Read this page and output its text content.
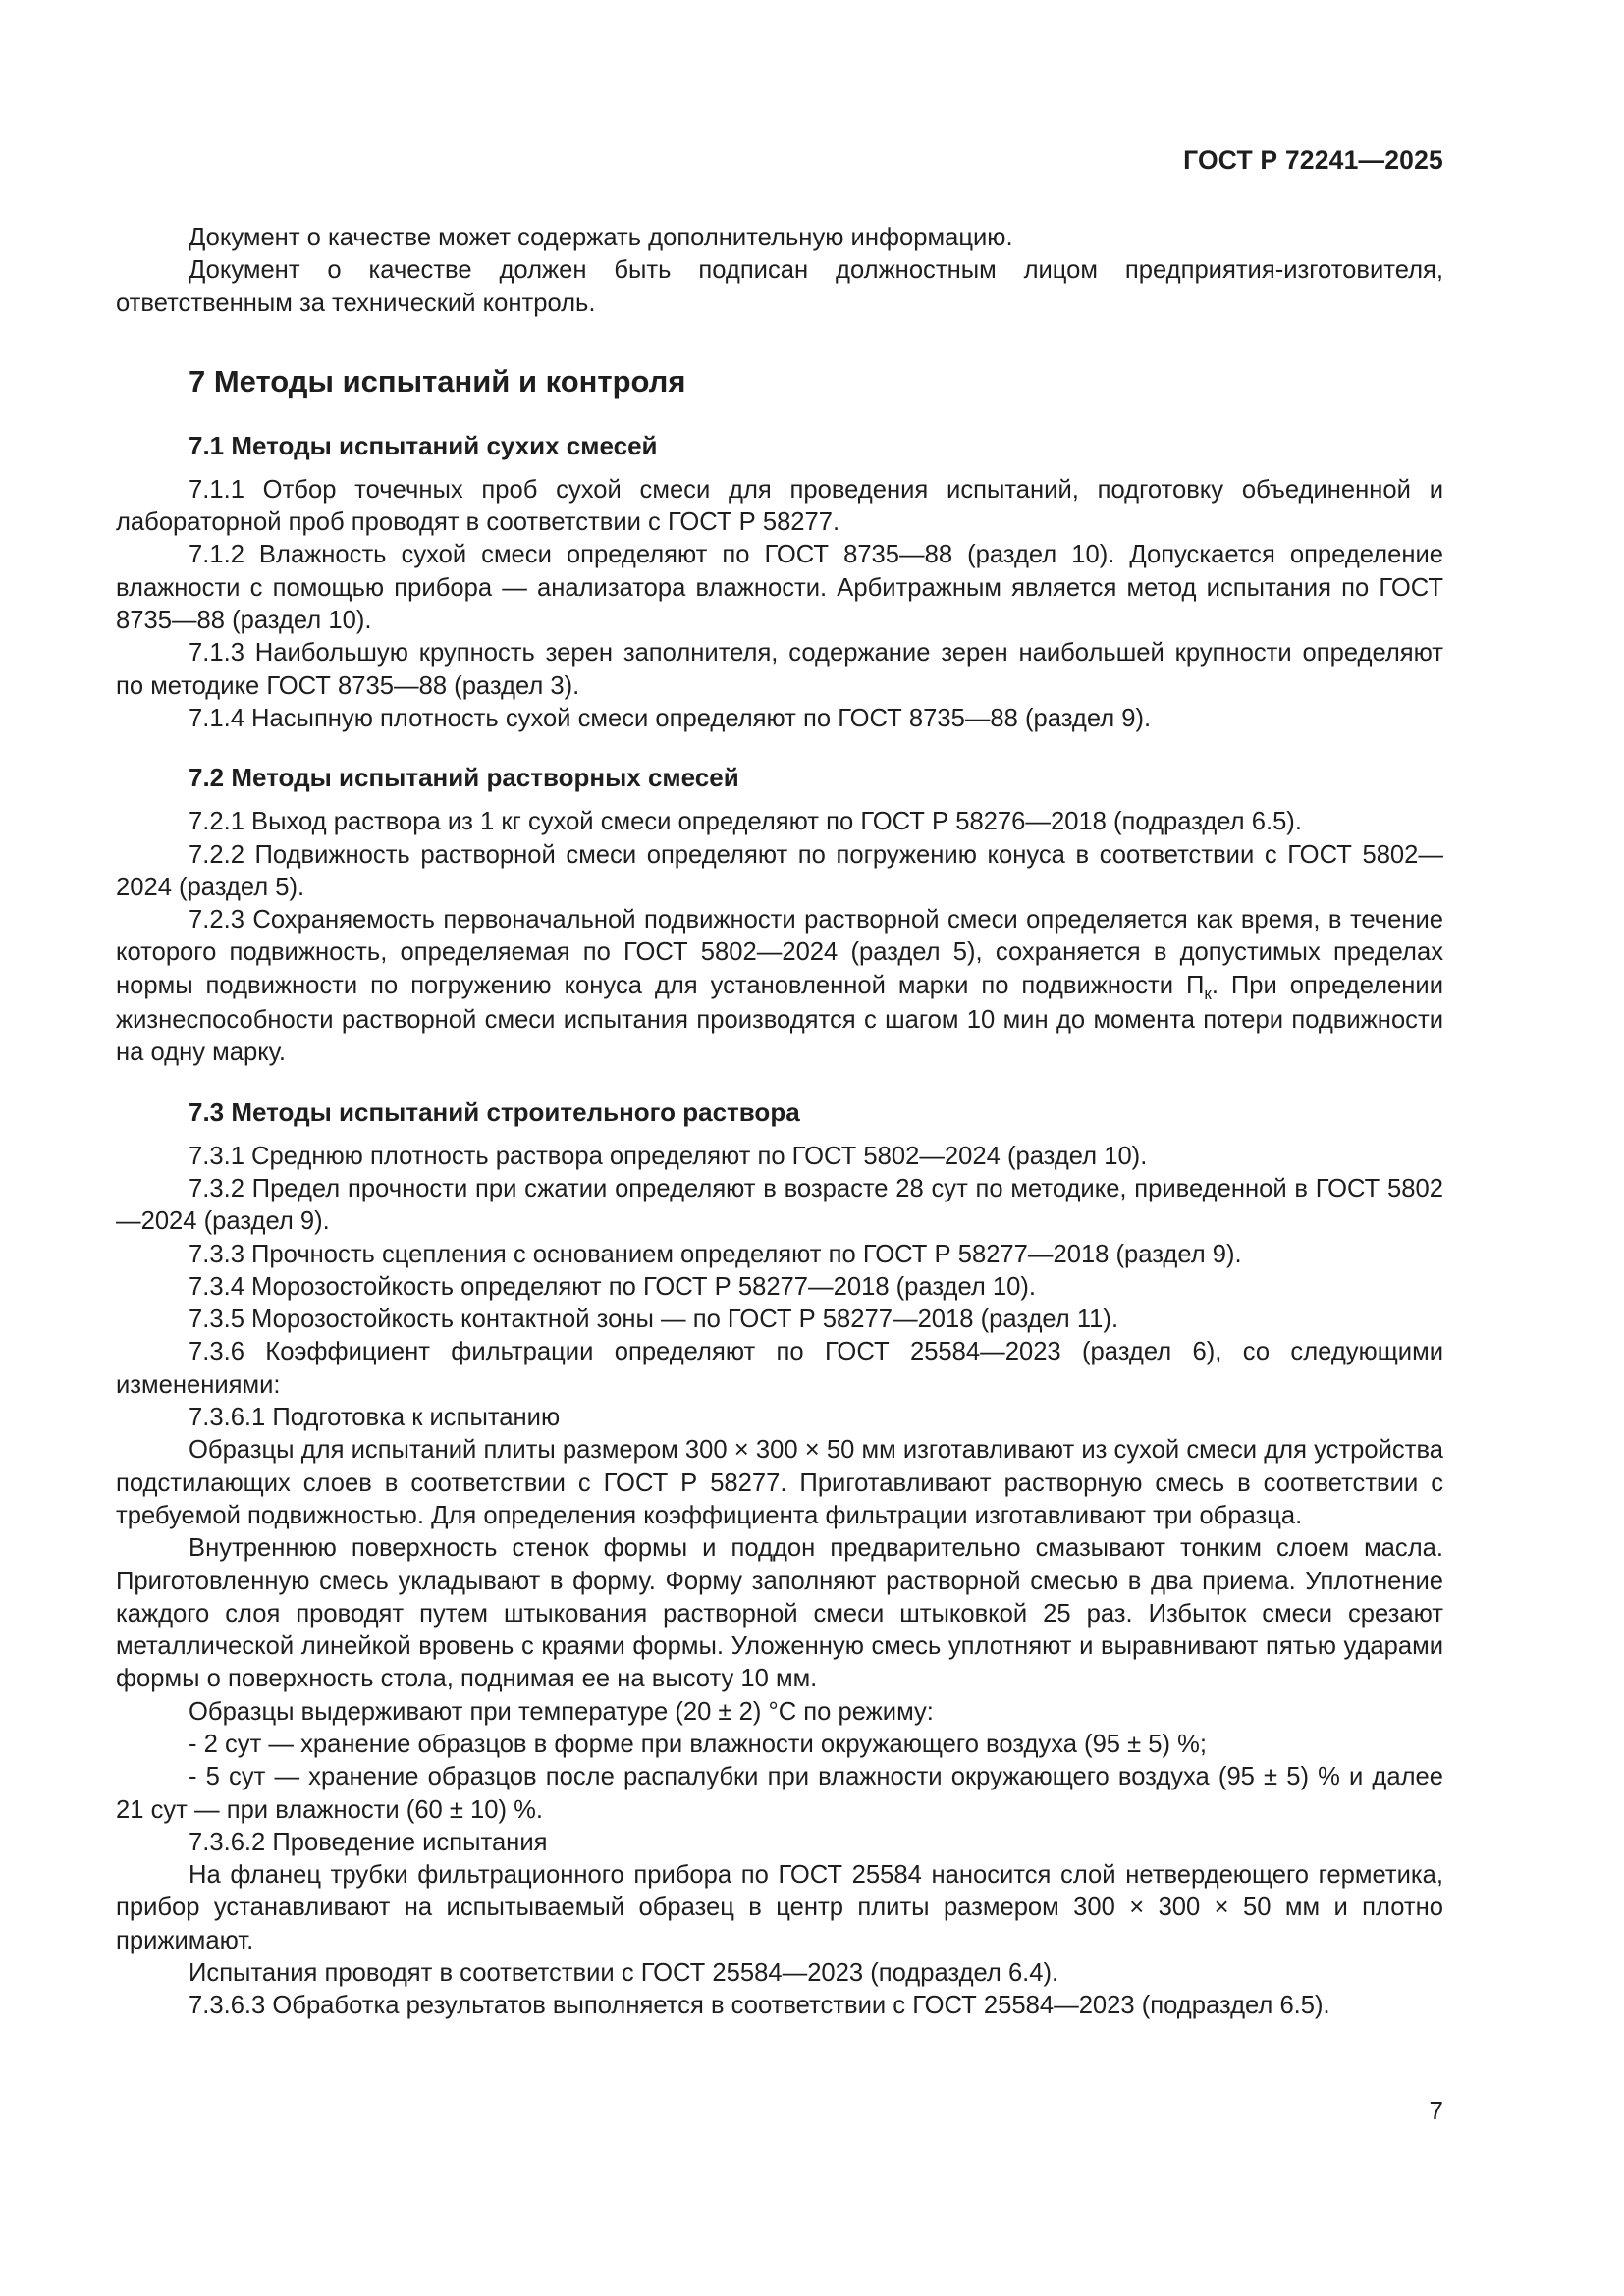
ГОСТ Р 72241—2025

Документ о качестве может содержать дополнительную информацию.

Документ о качестве должен быть подписан должностным лицом предприятия-изготовителя, ответственным за технический контроль.

7 Методы испытаний и контроля
7.1 Методы испытаний сухих смесей

7.1.1 Отбор точечных проб сухой смеси для проведения испытаний, подготовку объединенной и лабораторной проб проводят в соответствии с ГОСТ Р 58277.

7.1.2 Влажность сухой смеси определяют по ГОСТ 8735—88 (раздел 10). Допускается определение влажности с помощью прибора — анализатора влажности. Арбитражным является метод испытания по ГОСТ 8735—88 (раздел 10).

7.1.3 Наибольшую крупность зерен заполнителя, содержание зерен наибольшей крупности определяют по методике ГОСТ 8735—88 (раздел 3).

7.1.4 Насыпную плотность сухой смеси определяют по ГОСТ 8735—88 (раздел 9).

7.2 Методы испытаний растворных смесей

7.2.1 Выход раствора из 1 кг сухой смеси определяют по ГОСТ Р 58276—2018 (подраздел 6.5).

7.2.2 Подвижность растворной смеси определяют по погружению конуса в соответствии с ГОСТ 5802—2024 (раздел 5).

7.2.3 Сохраняемость первоначальной подвижности растворной смеси определяется как время, в течение которого подвижность, определяемая по ГОСТ 5802—2024 (раздел 5), сохраняется в допустимых пределах нормы подвижности по погружению конуса для установленной марки по подвижности $П_к$. При определении жизнеспособности растворной смеси испытания производятся с шагом 10 мин до момента потери подвижности на одну марку.

7.3 Методы испытаний строительного раствора

7.3.1 Среднюю плотность раствора определяют по ГОСТ 5802—2024 (раздел 10).

7.3.2 Предел прочности при сжатии определяют в возрасте 28 сут по методике, приведенной в ГОСТ 5802—2024 (раздел 9).

7.3.3 Прочность сцепления с основанием определяют по ГОСТ Р 58277—2018 (раздел 9).

7.3.4 Морозостойкость определяют по ГОСТ Р 58277—2018 (раздел 10).

7.3.5 Морозостойкость контактной зоны — по ГОСТ Р 58277—2018 (раздел 11).

7.3.6 Коэффициент фильтрации определяют по ГОСТ 25584—2023 (раздел 6), со следующими изменениями:

7.3.6.1 Подготовка к испытанию

Образцы для испытаний плиты размером 300 × 300 × 50 мм изготавливают из сухой смеси для устройства подстилающих слоев в соответствии с ГОСТ Р 58277. Приготавливают растворную смесь в соответствии с требуемой подвижностью. Для определения коэффициента фильтрации изготавливают три образца.

Внутреннюю поверхность стенок формы и поддон предварительно смазывают тонким слоем масла. Приготовленную смесь укладывают в форму. Форму заполняют растворной смесью в два приема. Уплотнение каждого слоя проводят путем штыкования растворной смеси штыковкой 25 раз. Избыток смеси срезают металлической линейкой вровень с краями формы. Уложенную смесь уплотняют и выравнивают пятью ударами формы о поверхность стола, поднимая ее на высоту 10 мм.

Образцы выдерживают при температуре (20 ± 2) °С по режиму:

- 2 сут — хранение образцов в форме при влажности окружающего воздуха (95 ± 5) %;

- 5 сут — хранение образцов после распалубки при влажности окружающего воздуха (95 ± 5) % и далее 21 сут — при влажности (60 ± 10) %.

7.3.6.2 Проведение испытания

На фланец трубки фильтрационного прибора по ГОСТ 25584 наносится слой нетвердеющего герметика, прибор устанавливают на испытываемый образец в центр плиты размером 300 × 300 × 50 мм и плотно прижимают.

Испытания проводят в соответствии с ГОСТ 25584—2023 (подраздел 6.4).

7.3.6.3 Обработка результатов выполняется в соответствии с ГОСТ 25584—2023 (подраздел 6.5).

7
